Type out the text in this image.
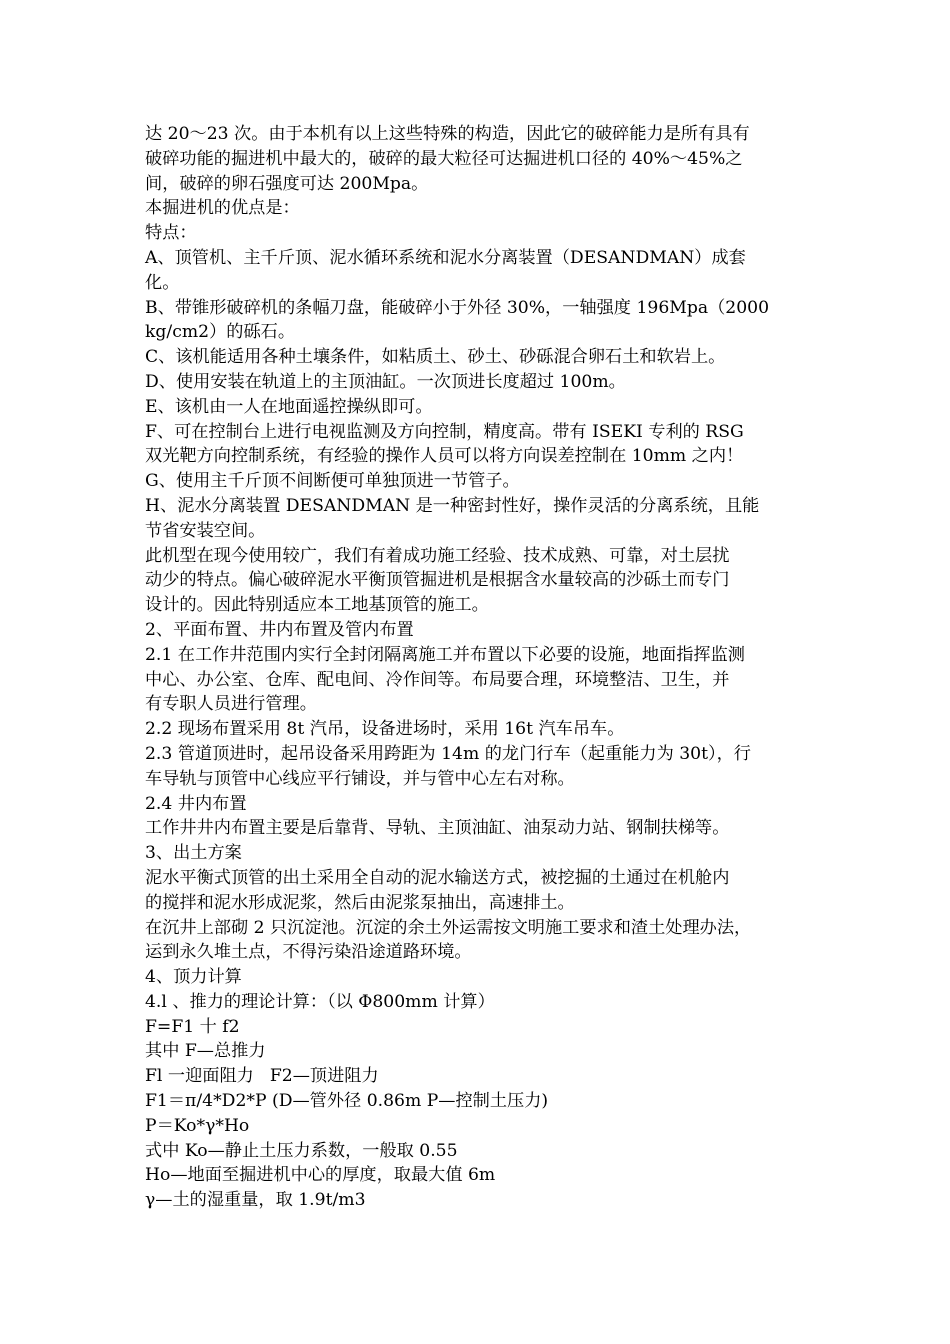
达 20～23 次。由于本机有以上这些特殊的构造，因此它的破碎能力是所有具有
破碎功能的掘进机中最大的，破碎的最大粒径可达掘进机口径的 40%～45%之
间，破碎的卵石强度可达 200Mpa。
本掘进机的优点是：
特点：
A、顶管机、主千斤顶、泥水循环系统和泥水分离装置（DESANDMAN）成套
化。
B、带锥形破碎机的条幅刀盘，能破碎小于外径 30%，一轴强度 196Mpa（2000
kg/cm2）的砾石。
C、该机能适用各种土壤条件，如粘质土、砂土、砂砾混合卵石土和软岩上。
D、使用安装在轨道上的主顶油缸。一次顶进长度超过 100m。
E、该机由一人在地面遥控操纵即可。
F、可在控制台上进行电视监测及方向控制，精度高。带有 ISEKI 专利的 RSG
双光靶方向控制系统，有经验的操作人员可以将方向误差控制在 10mm 之内！
G、使用主千斤顶不间断便可单独顶进一节管子。
H、泥水分离装置 DESANDMAN 是一种密封性好，操作灵活的分离系统，且能
节省安装空间。
此机型在现今使用较广，我们有着成功施工经验、技术成熟、可靠，对土层扰
动少的特点。偏心破碎泥水平衡顶管掘进机是根据含水量较高的沙砾土而专门
设计的。因此特别适应本工地基顶管的施工。
2、平面布置、井内布置及管内布置
2.1 在工作井范围内实行全封闭隔离施工并布置以下必要的设施，地面指挥监测
中心、办公室、仓库、配电间、冷作间等。布局要合理，环境整洁、卫生，并
有专职人员进行管理。
2.2 现场布置采用 8t 汽吊，设备进场时，采用 16t 汽车吊车。
2.3 管道顶进时，起吊设备采用跨距为 14m 的龙门行车（起重能力为 30t），行
车导轨与顶管中心线应平行铺设，并与管中心左右对称。
2.4 井内布置
工作井井内布置主要是后靠背、导轨、主顶油缸、油泵动力站、钢制扶梯等。
3、出土方案
泥水平衡式顶管的出土采用全自动的泥水输送方式，被挖掘的土通过在机舱内
的搅拌和泥水形成泥浆，然后由泥浆泵抽出，高速排土。
在沉井上部砌 2 只沉淀池。沉淀的余土外运需按文明施工要求和渣土处理办法，
运到永久堆土点，不得污染沿途道路环境。
4、顶力计算
4.l 、推力的理论计算：（以 Φ800mm 计算）
F=F1 十 f2
其中 F—总推力
Fl 一迎面阻力 F2—顶进阻力
F1＝π/4*D2*P (D—管外径 0.86m P—控制土压力)
P＝Ko*γ*Ho
式中 Ko—静止土压力系数，一般取 0.55
Ho—地面至掘进机中心的厚度，取最大值 6m
γ—土的湿重量，取 1.9t/m3
